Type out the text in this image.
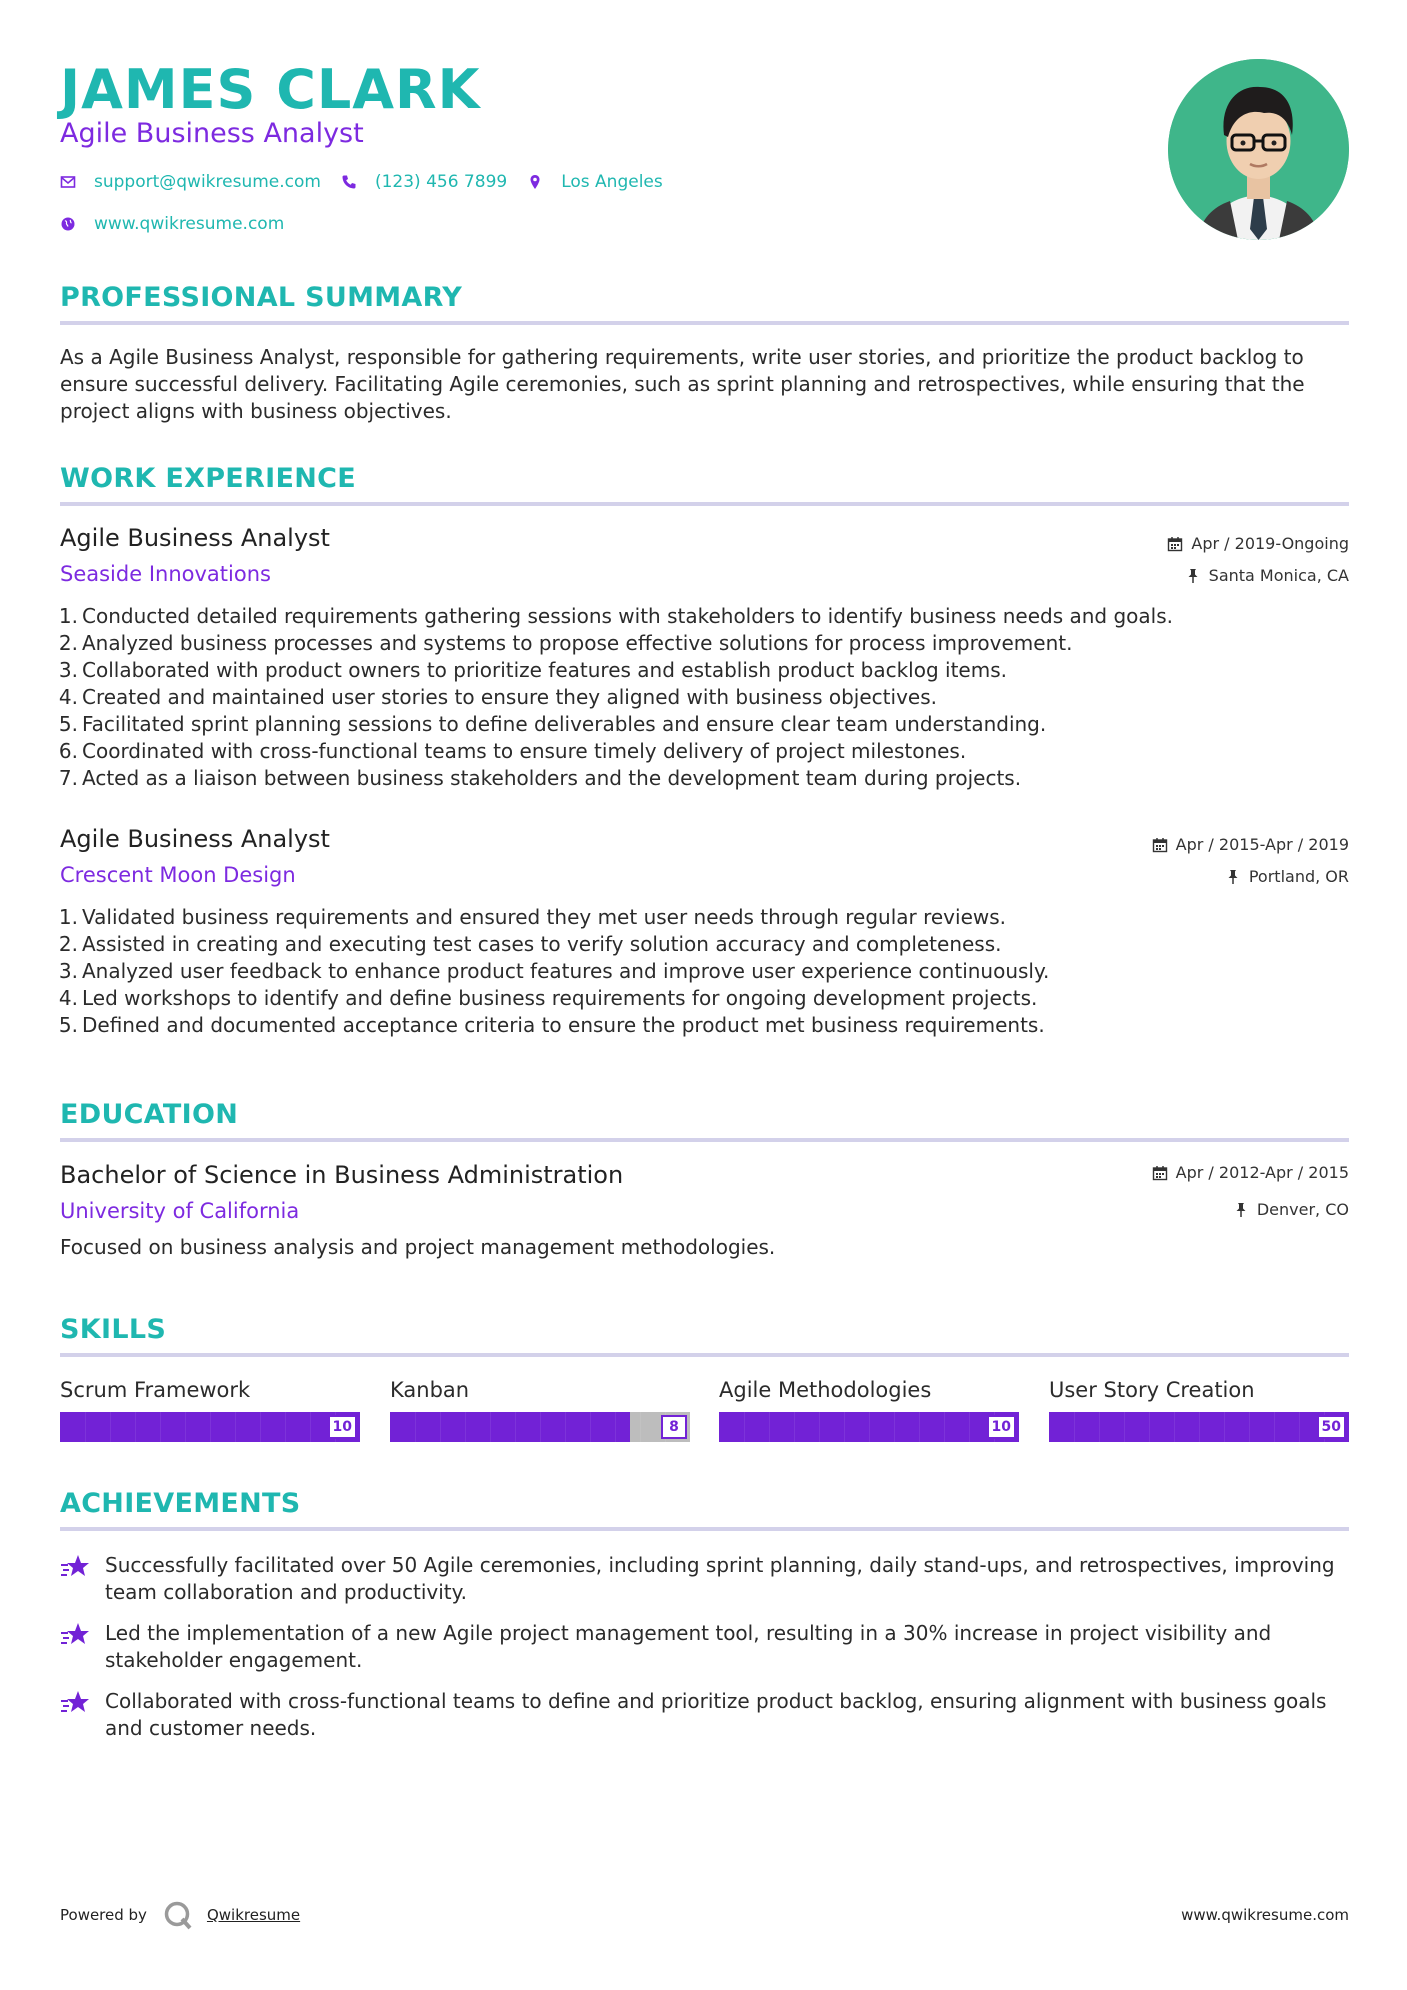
JAMES CLARK
Agile Business Analyst
support@qwikresume.com	(123) 456 7899	Los Angeles
www.qwikresume.com
PROFESSIONAL SUMMARY
As a Agile Business Analyst, responsible for gathering requirements, write user stories, and prioritize the product backlog to ensure successful delivery. Facilitating Agile ceremonies, such as sprint planning and retrospectives, while ensuring that the project aligns with business objectives.
WORK EXPERIENCE
Agile Business Analyst
Seaside Innovations
Apr / 2019-Ongoing
Santa Monica, CA
1. Conducted detailed requirements gathering sessions with stakeholders to identify business needs and goals.
2. Analyzed business processes and systems to propose effective solutions for process improvement.
3. Collaborated with product owners to prioritize features and establish product backlog items.
4. Created and maintained user stories to ensure they aligned with business objectives.
5. Facilitated sprint planning sessions to define deliverables and ensure clear team understanding.
6. Coordinated with cross-functional teams to ensure timely delivery of project milestones.
7. Acted as a liaison between business stakeholders and the development team during projects.
Agile Business Analyst
Crescent Moon Design
Apr / 2015-Apr / 2019
Portland, OR
1. Validated business requirements and ensured they met user needs through regular reviews.
2. Assisted in creating and executing test cases to verify solution accuracy and completeness.
3. Analyzed user feedback to enhance product features and improve user experience continuously.
4. Led workshops to identify and define business requirements for ongoing development projects.
5. Defined and documented acceptance criteria to ensure the product met business requirements.
EDUCATION
Bachelor of Science in Business Administration
University of California
Apr / 2012-Apr / 2015
Denver, CO
Focused on business analysis and project management methodologies.
SKILLS
Scrum Framework
10
Kanban
8
Agile Methodologies
10
User Story Creation
50
ACHIEVEMENTS
Successfully facilitated over 50 Agile ceremonies, including sprint planning, daily stand-ups, and retrospectives, improving team collaboration and productivity.
Led the implementation of a new Agile project management tool, resulting in a 30% increase in project visibility and stakeholder engagement.
Collaborated with cross-functional teams to define and prioritize product backlog, ensuring alignment with business goals and customer needs.
Powered by	Qwikresume	www.qwikresume.com
